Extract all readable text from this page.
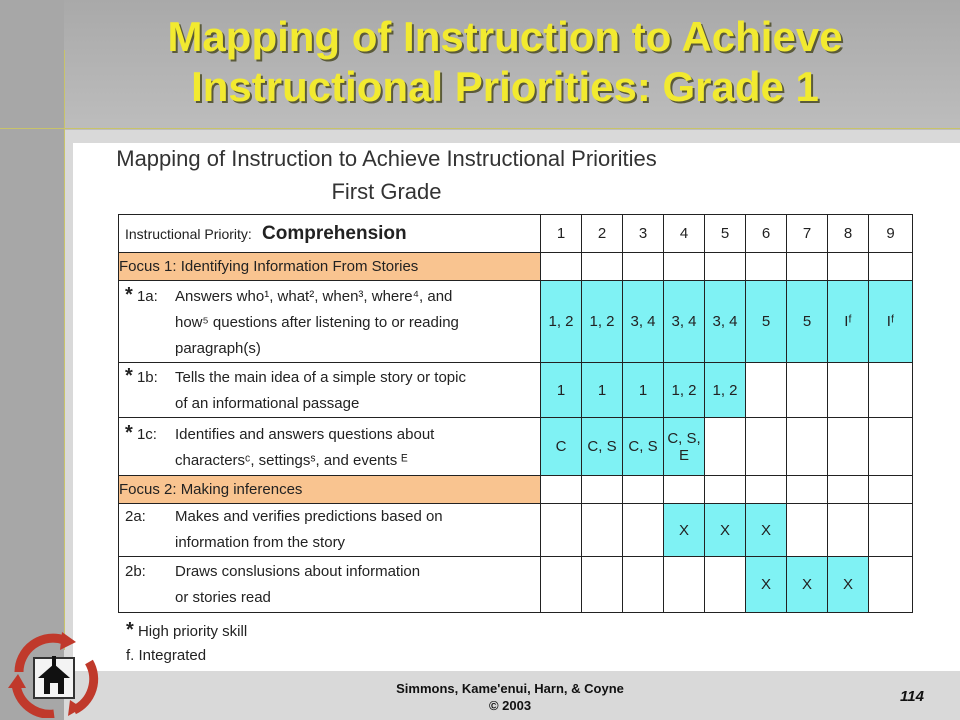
Mapping of Instruction to Achieve
Instructional Priorities: Grade 1
Mapping of Instruction to Achieve Instructional Priorities
First Grade
Instructional Priority: Comprehension	1	2	3	4	5	6	7	8	9
Focus 1: Identifying Information From Stories									

* 1a: Answers who¹, what², when³, where⁴, and
how⁵ questions after listening to or reading
paragraph(s)	1, 2	1, 2	3, 4	3, 4	3, 4	5	5	Iᶠ	Iᶠ

* 1b: Tells the main idea of a simple story or topic
of an informational passage	1	1	1	1, 2	1, 2				

* 1c: Identifies and answers questions about
charactersᶜ, settingsˢ, and events ᴱ	C	C, S	C, S	C, S, E					
Focus 2: Making inferences									

2a: Makes and verifies predictions based on
information from the story				X	X	X			

2b: Draws conslusions about information
or stories read						X	X	X	
* High priority skill
f. Integrated
Simmons, Kame'enui, Harn, & Coyne
© 2003
114
